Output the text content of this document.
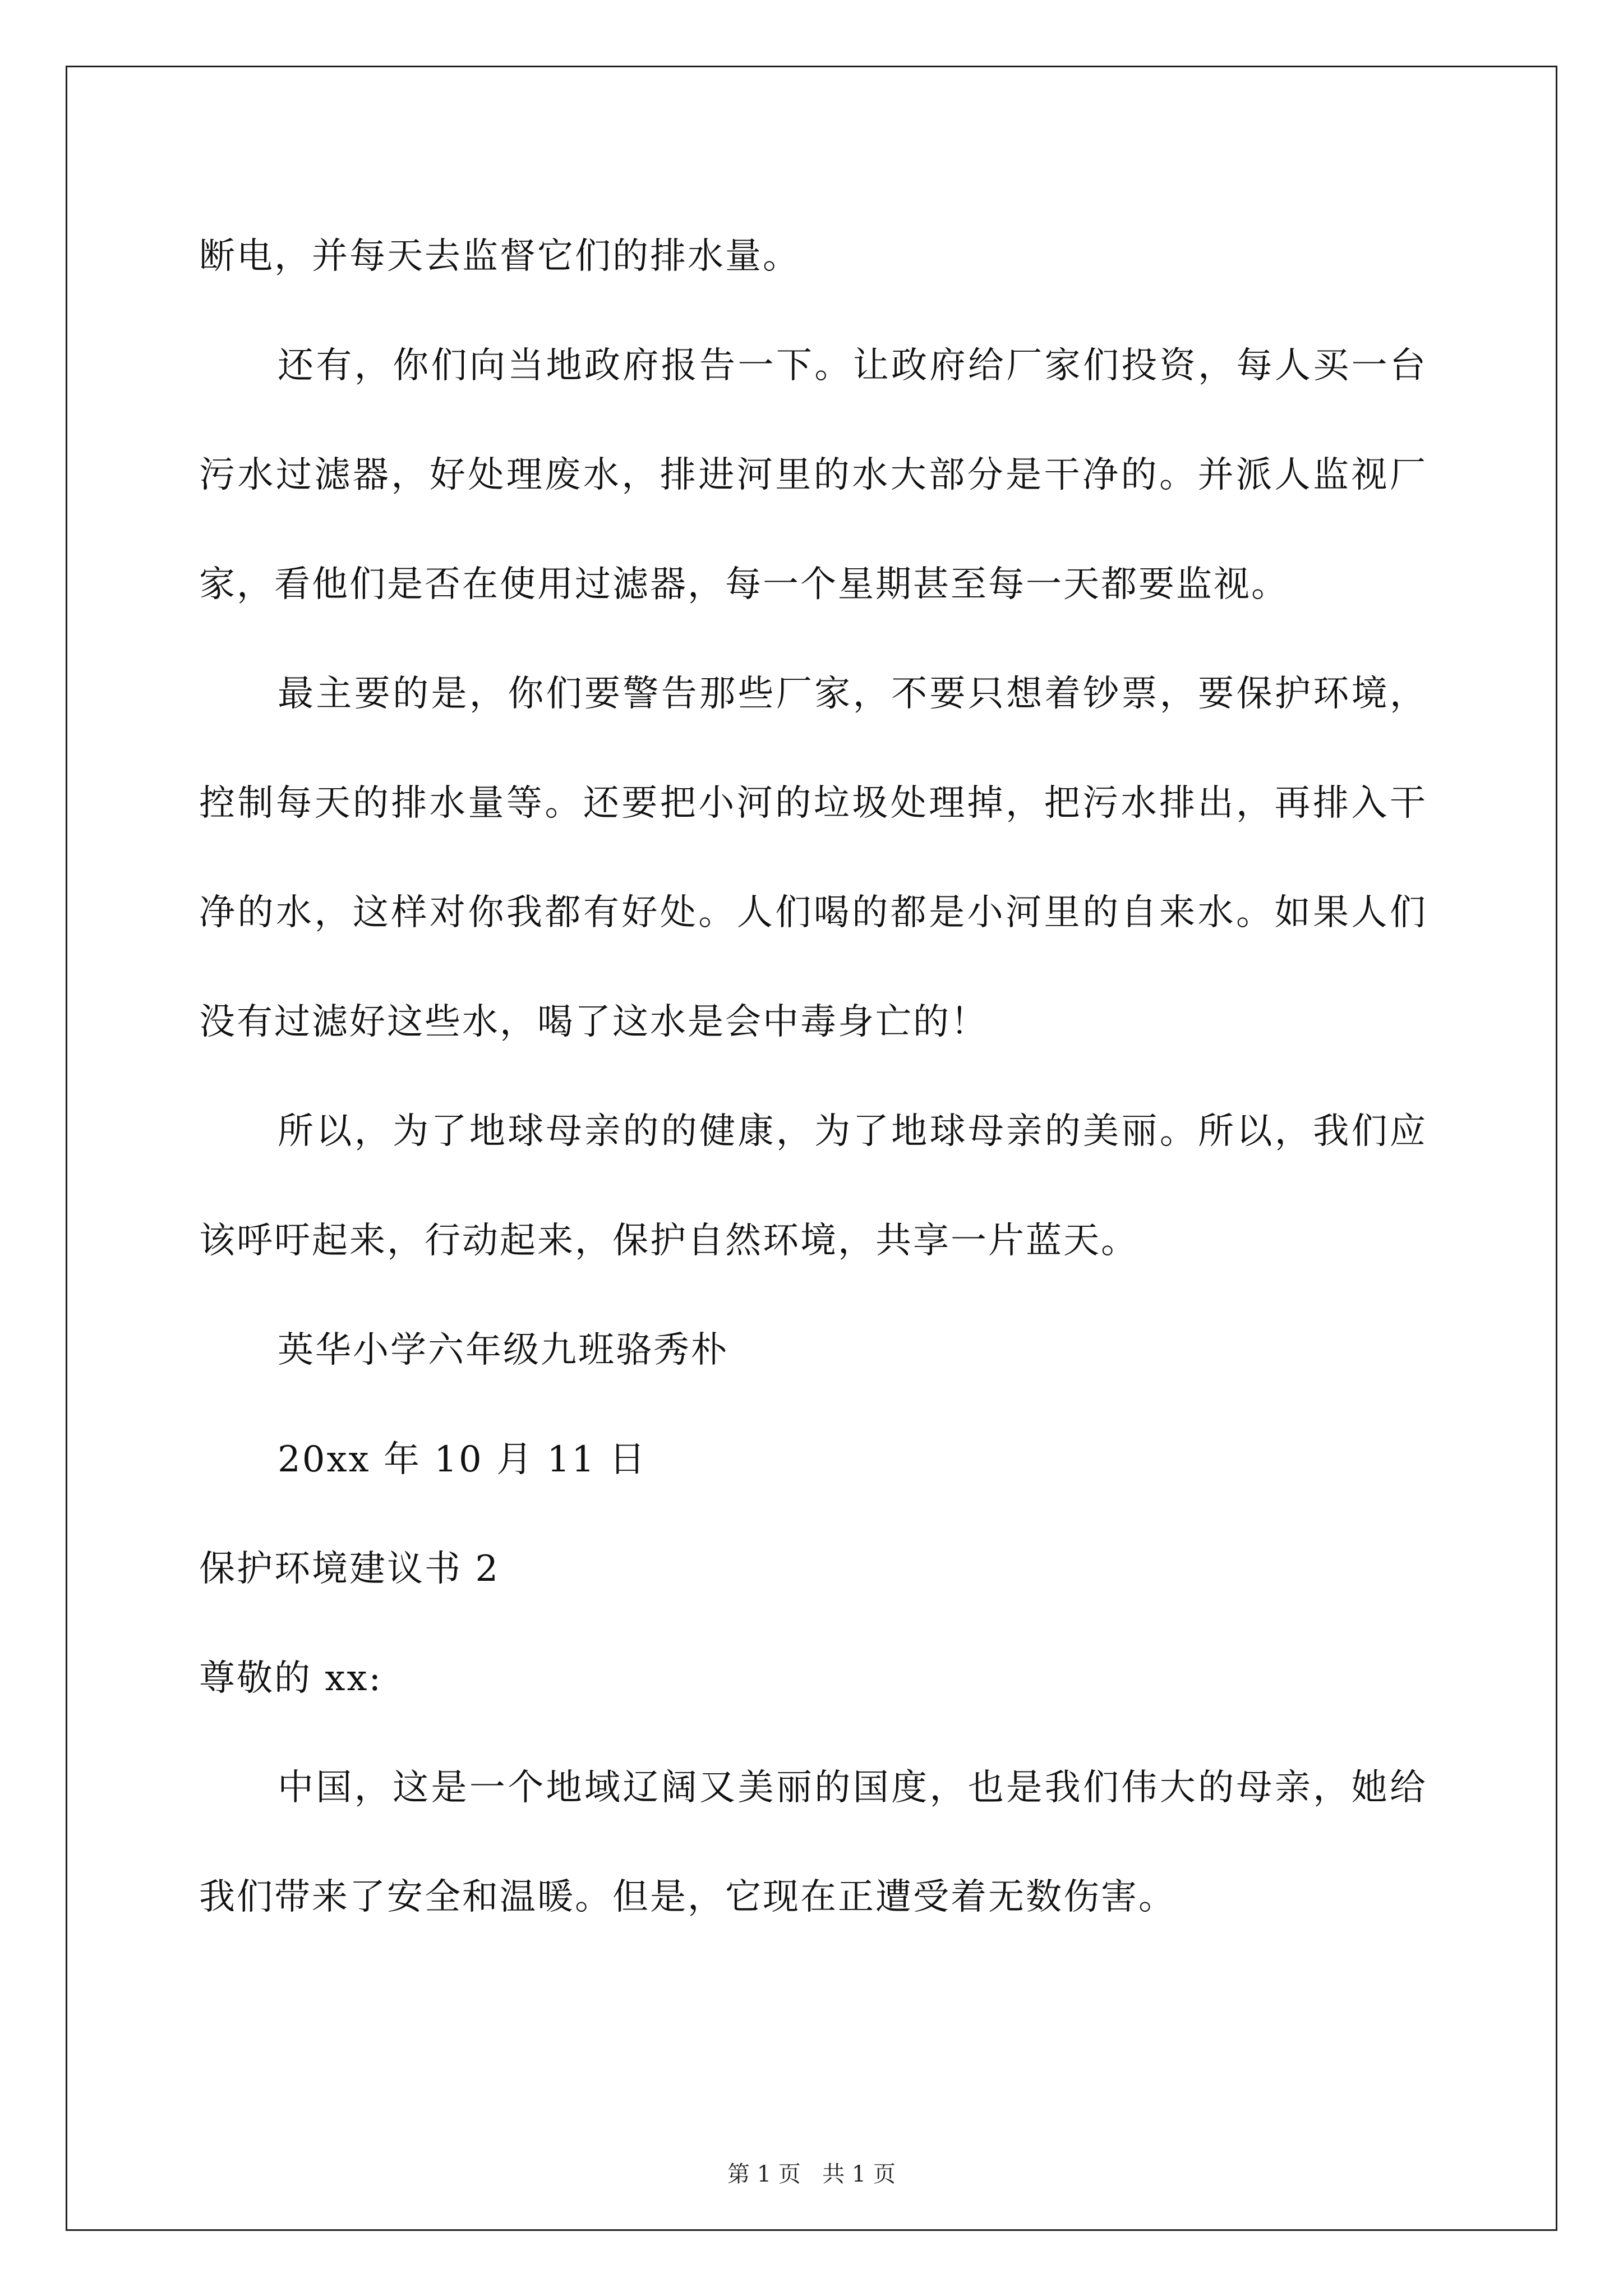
断电，并每天去监督它们的排水量。

还有，你们向当地政府报告一下。让政府给厂家们投资，每人买一台污水过滤器，好处理废水，排进河里的水大部分是干净的。并派人监视厂家，看他们是否在使用过滤器，每一个星期甚至每一天都要监视。

最主要的是，你们要警告那些厂家，不要只想着钞票，要保护环境，控制每天的排水量等。还要把小河的垃圾处理掉，把污水排出，再排入干净的水，这样对你我都有好处。人们喝的都是小河里的自来水。如果人们没有过滤好这些水，喝了这水是会中毒身亡的！

所以，为了地球母亲的的健康，为了地球母亲的美丽。所以，我们应该呼吁起来，行动起来，保护自然环境，共享一片蓝天。

英华小学六年级九班骆秀朴

20xx 年 10 月 11 日

保护环境建议书 2

尊敬的 xx:

中国，这是一个地域辽阔又美丽的国度，也是我们伟大的母亲，她给我们带来了安全和温暖。但是，它现在正遭受着无数伤害。

第 1 页   共 1 页
